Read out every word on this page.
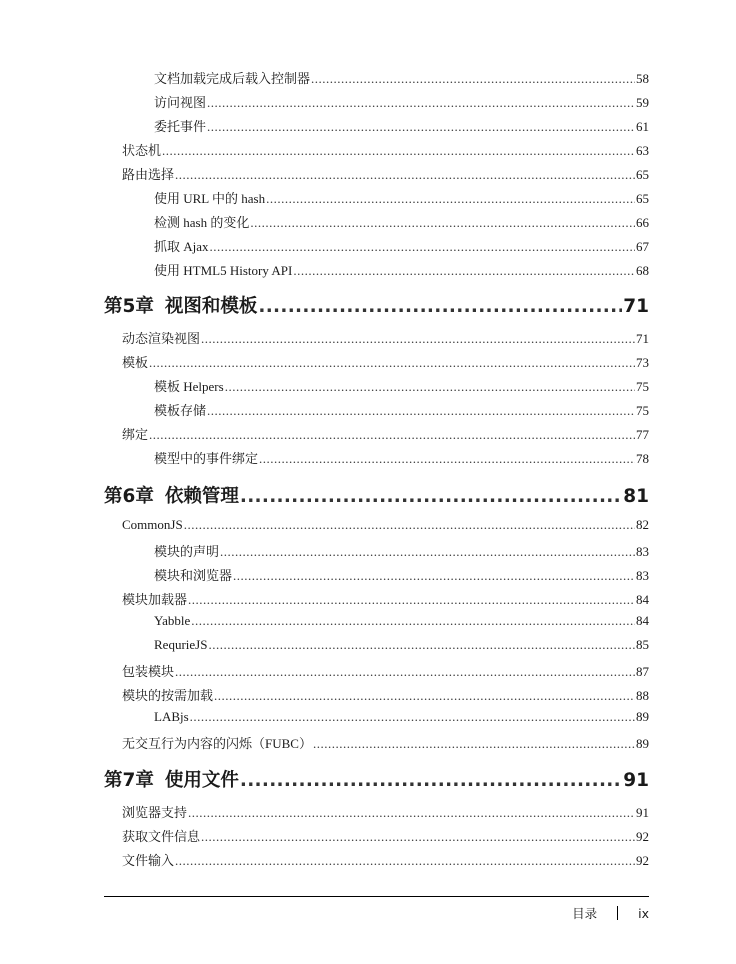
文档加载完成后载入控制器 .....	58
访问视图 .....	59
委托事件 .....	61
状态机 .....	63
路由选择 .....	65
使用 URL 中的 hash .....	65
检测 hash 的变化 .....	66
抓取 Ajax .....	67
使用 HTML5 History API .....	68
第5章 视图和模板 .....	71
动态渲染视图 .....	71
模板 .....	73
模板 Helpers .....	75
模板存储 .....	75
绑定 .....	77
模型中的事件绑定 .....	78
第6章 依赖管理 .....	81
CommonJS .....	82
模块的声明 .....	83
模块和浏览器 .....	83
模块加载器 .....	84
Yabble .....	84
RequrieJS .....	85
包装模块 .....	87
模块的按需加载 .....	88
LABjs .....	89
无交互行为内容的闪烁（FUBC） .....	89
第7章 使用文件 .....	91
浏览器支持 .....	91
获取文件信息 .....	92
文件输入 .....	92
目录	ix
